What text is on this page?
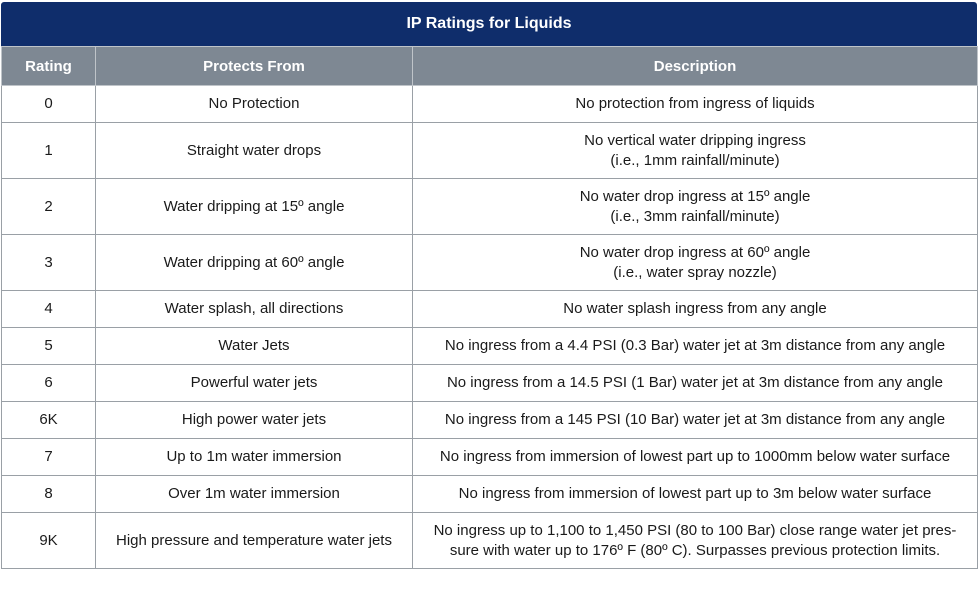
IP Ratings for Liquids
Rating	Protects From	Description
0	No Protection	No protection from ingress of liquids

1	Straight water drops	No vertical water dripping ingress
(i.e., 1mm rainfall/minute)

2	Water dripping at 15º angle	No water drop ingress at 15º angle
(i.e., 3mm rainfall/minute)

3	Water dripping at 60º angle	No water drop ingress at 60º angle
(i.e., water spray nozzle)

4	Water splash, all directions	No water splash ingress from any angle

5	Water Jets	No ingress from a 4.4 PSI (0.3 Bar) water jet at 3m distance from any angle

6	Powerful water jets	No ingress from a 14.5 PSI (1 Bar) water jet at 3m distance from any angle

6K	High power water jets	No ingress from a 145 PSI (10 Bar) water jet at 3m distance from any angle

7	Up to 1m water immersion	No ingress from immersion of lowest part up to 1000mm below water surface

8	Over 1m water immersion	No ingress from immersion of lowest part up to 3m below water surface

9K	High pressure and temperature water jets	No ingress up to 1,100 to 1,450 PSI (80 to 100 Bar) close range water jet pres-
sure with water up to 176º F (80º C). Surpasses previous protection limits.
